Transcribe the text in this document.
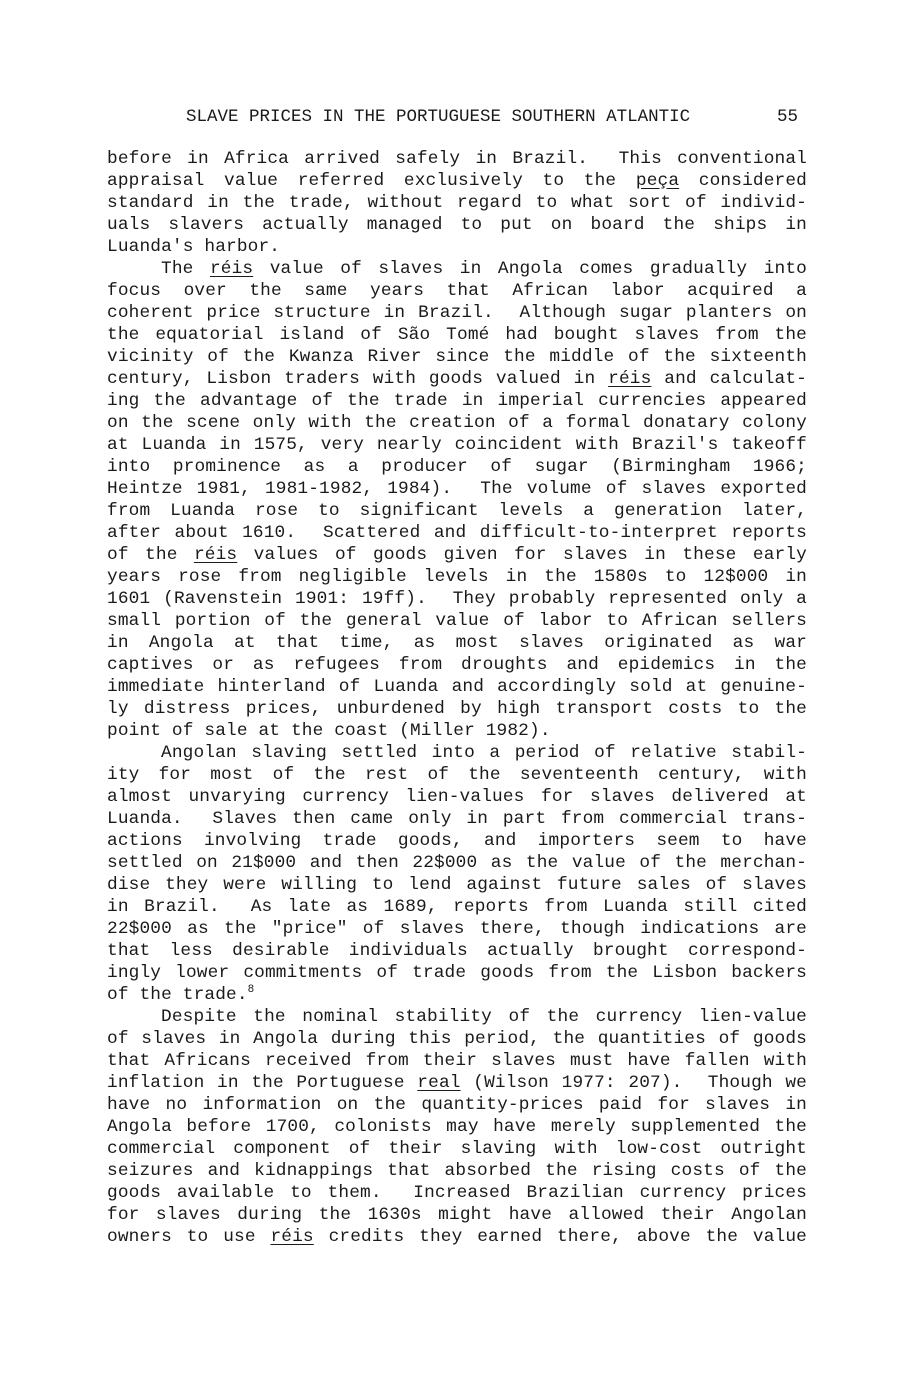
SLAVE PRICES IN THE PORTUGUESE SOUTHERN ATLANTIC	55
before in Africa arrived safely in Brazil.  This conventional
appraisal value referred exclusively to the peça considered
standard in the trade, without regard to what sort of individ-
uals slavers actually managed to put on board the ships in
Luanda's harbor.
The réis value of slaves in Angola comes gradually into
focus over the same years that African labor acquired a
coherent price structure in Brazil.  Although sugar planters on
the equatorial island of São Tomé had bought slaves from the
vicinity of the Kwanza River since the middle of the sixteenth
century, Lisbon traders with goods valued in réis and calculat-
ing the advantage of the trade in imperial currencies appeared
on the scene only with the creation of a formal donatary colony
at Luanda in 1575, very nearly coincident with Brazil's takeoff
into prominence as a producer of sugar (Birmingham 1966;
Heintze 1981, 1981-1982, 1984).  The volume of slaves exported
from Luanda rose to significant levels a generation later,
after about 1610.  Scattered and difficult-to-interpret reports
of the réis values of goods given for slaves in these early
years rose from negligible levels in the 1580s to 12$000 in
1601 (Ravenstein 1901: 19ff).  They probably represented only a
small portion of the general value of labor to African sellers
in Angola at that time, as most slaves originated as war
captives or as refugees from droughts and epidemics in the
immediate hinterland of Luanda and accordingly sold at genuine-
ly distress prices, unburdened by high transport costs to the
point of sale at the coast (Miller 1982).
Angolan slaving settled into a period of relative stabil-
ity for most of the rest of the seventeenth century, with
almost unvarying currency lien-values for slaves delivered at
Luanda.  Slaves then came only in part from commercial trans-
actions involving trade goods, and importers seem to have
settled on 21$000 and then 22$000 as the value of the merchan-
dise they were willing to lend against future sales of slaves
in Brazil.  As late as 1689, reports from Luanda still cited
22$000 as the "price" of slaves there, though indications are
that less desirable individuals actually brought correspond-
ingly lower commitments of trade goods from the Lisbon backers
of the trade.$^8$
Despite the nominal stability of the currency lien-value
of slaves in Angola during this period, the quantities of goods
that Africans received from their slaves must have fallen with
inflation in the Portuguese real (Wilson 1977: 207).  Though we
have no information on the quantity-prices paid for slaves in
Angola before 1700, colonists may have merely supplemented the
commercial component of their slaving with low-cost outright
seizures and kidnappings that absorbed the rising costs of the
goods available to them.  Increased Brazilian currency prices
for slaves during the 1630s might have allowed their Angolan
owners to use réis credits they earned there, above the value
